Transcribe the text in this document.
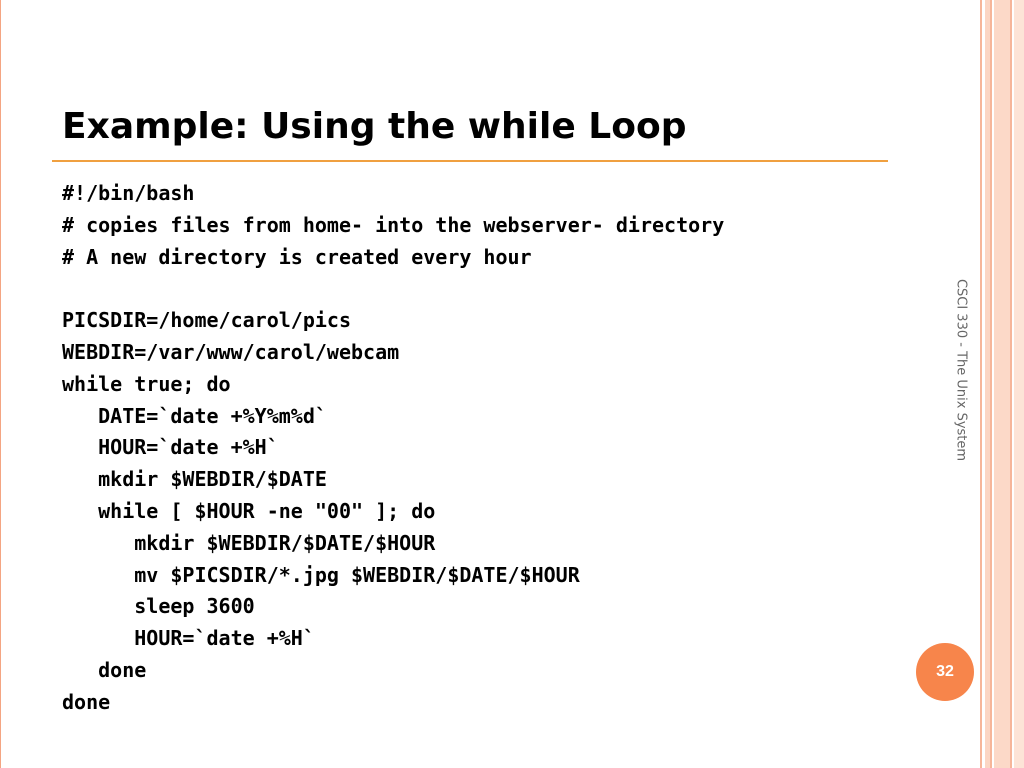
Example: Using the while Loop
#!/bin/bash
# copies files from home- into the webserver- directory
# A new directory is created every hour
PICSDIR=/home/carol/pics
WEBDIR=/var/www/carol/webcam
while true; do
DATE=`date +%Y%m%d`
HOUR=`date +%H`
mkdir $WEBDIR/$DATE
while [ $HOUR -ne "00" ]; do
mkdir $WEBDIR/$DATE/$HOUR
mv $PICSDIR/*.jpg $WEBDIR/$DATE/$HOUR
sleep 3600
HOUR=`date +%H`
done
done
CSCI 330 - The Unix System
32
